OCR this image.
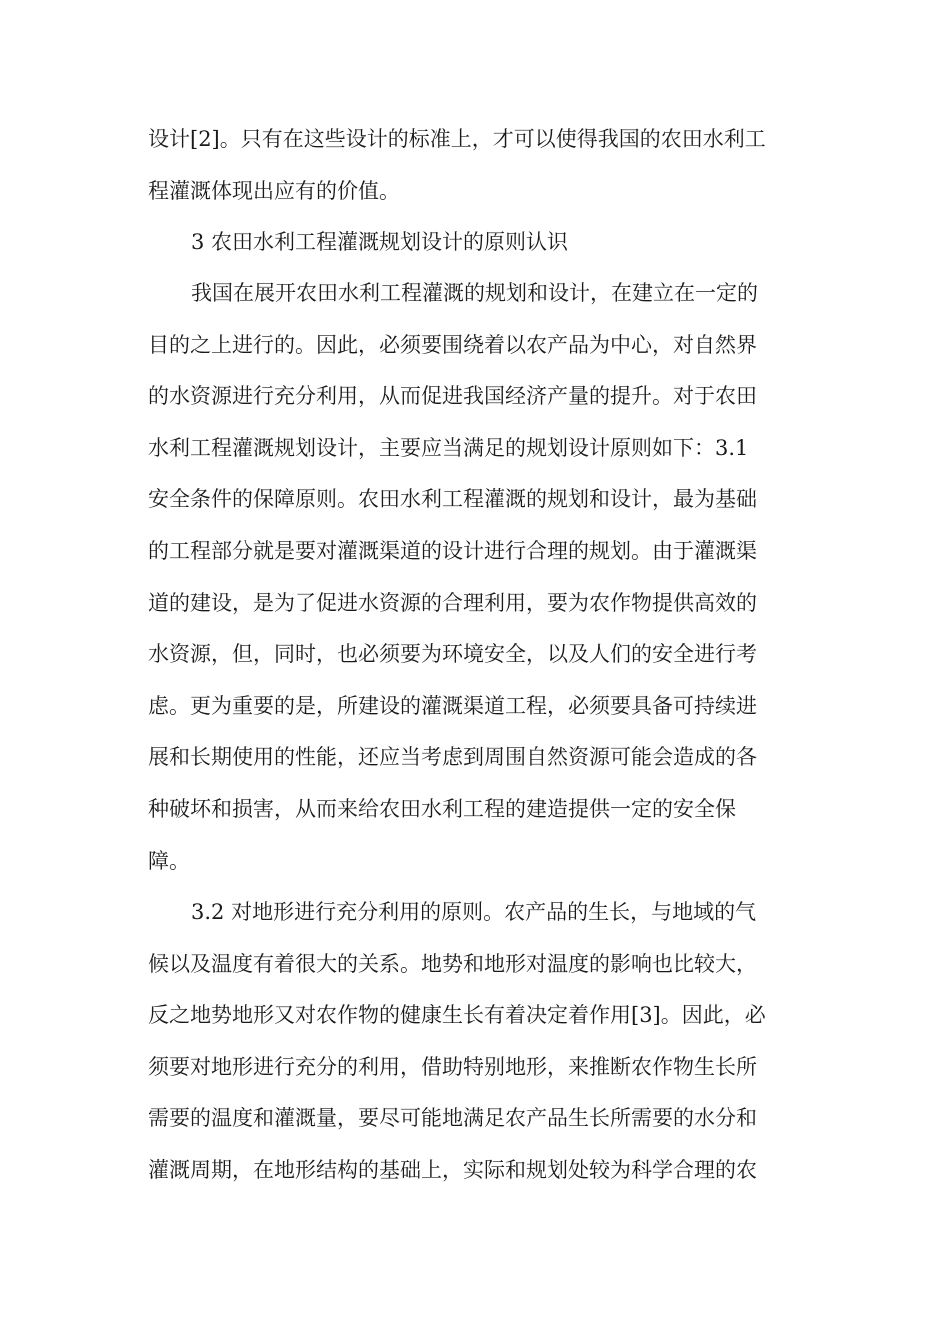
设计[2]。只有在这些设计的标准上，才可以使得我国的农田水利工
程灌溉体现出应有的价值。
3 农田水利工程灌溉规划设计的原则认识
我国在展开农田水利工程灌溉的规划和设计，在建立在一定的
目的之上进行的。因此，必须要围绕着以农产品为中心，对自然界
的水资源进行充分利用，从而促进我国经济产量的提升。对于农田
水利工程灌溉规划设计，主要应当满足的规划设计原则如下：3.1
安全条件的保障原则。农田水利工程灌溉的规划和设计，最为基础
的工程部分就是要对灌溉渠道的设计进行合理的规划。由于灌溉渠
道的建设，是为了促进水资源的合理利用，要为农作物提供高效的
水资源，但，同时，也必须要为环境安全，以及人们的安全进行考
虑。更为重要的是，所建设的灌溉渠道工程，必须要具备可持续进
展和长期使用的性能，还应当考虑到周围自然资源可能会造成的各
种破坏和损害，从而来给农田水利工程的建造提供一定的安全保
障。
3.2 对地形进行充分利用的原则。农产品的生长，与地域的气
候以及温度有着很大的关系。地势和地形对温度的影响也比较大，
反之地势地形又对农作物的健康生长有着决定着作用[3]。因此，必
须要对地形进行充分的利用，借助特别地形，来推断农作物生长所
需要的温度和灌溉量，要尽可能地满足农产品生长所需要的水分和
灌溉周期，在地形结构的基础上，实际和规划处较为科学合理的农
